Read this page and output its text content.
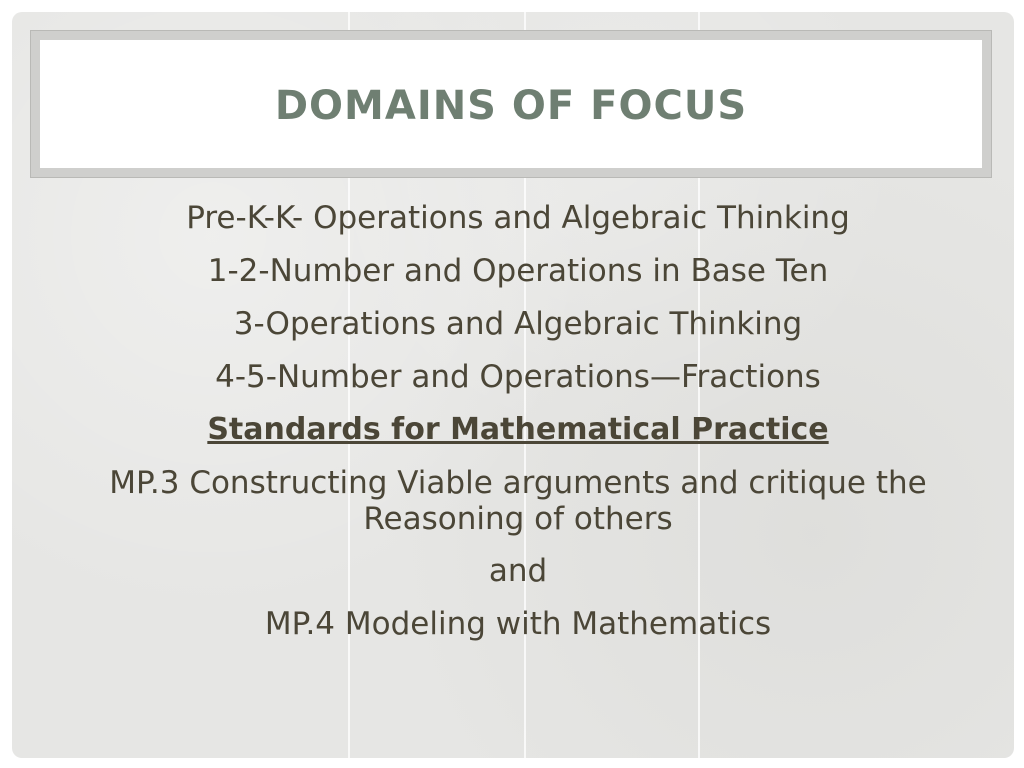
DOMAINS OF FOCUS

Pre-K-K- Operations and Algebraic Thinking

1-2-Number and Operations in Base Ten

3-Operations and Algebraic Thinking

4-5-Number and Operations—Fractions

Standards for Mathematical Practice

MP.3 Constructing Viable arguments and critique the Reasoning of others

and

MP.4 Modeling with Mathematics
